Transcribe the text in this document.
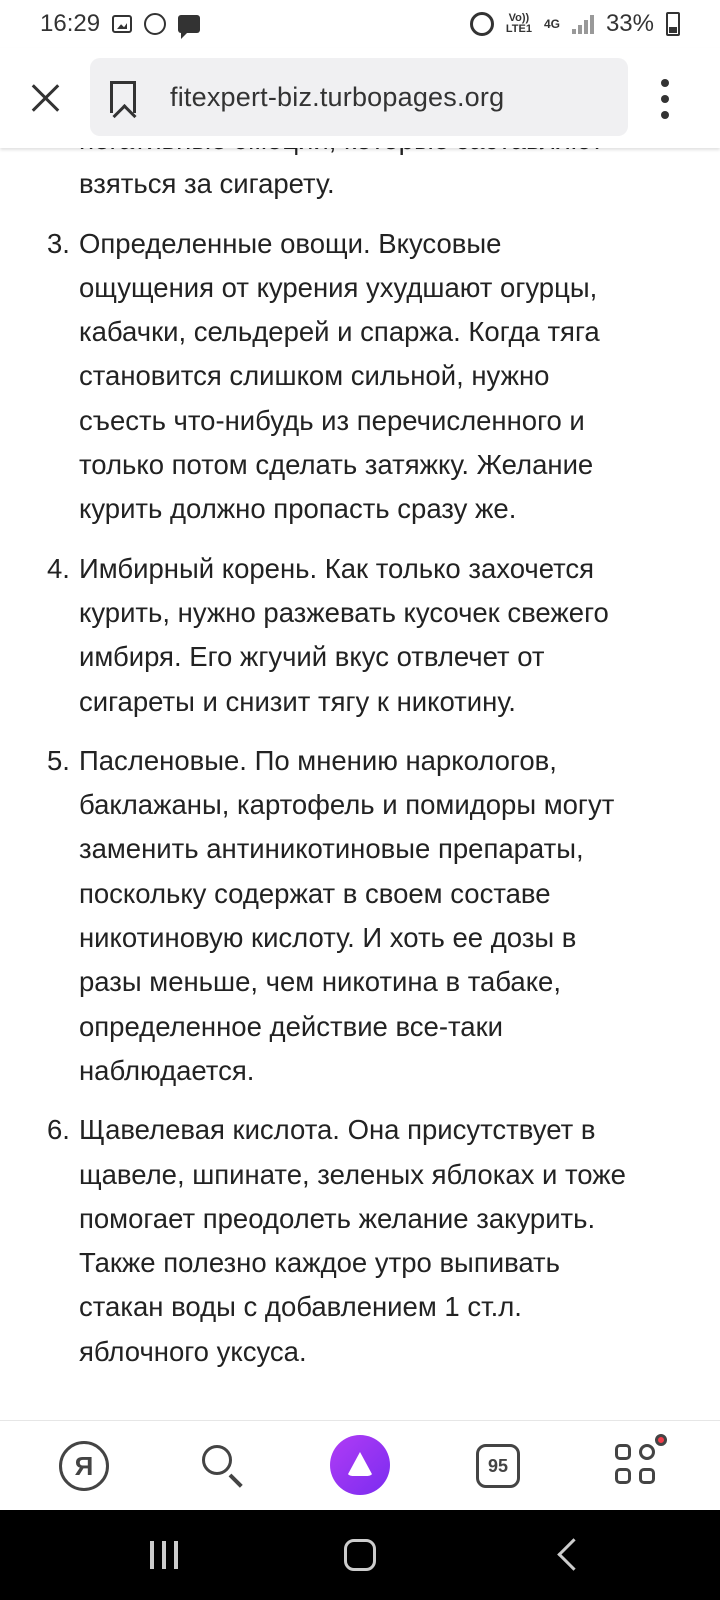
16:29	Vo))
LTE1 4G 33%
fitexpert-biz.turbopages.org

взяться за сигарету.

3. Определенные овощи. Вкусовые

ощущения от курения ухудшают огурцы,

кабачки, сельдерей и спаржа. Когда тяга

становится слишком сильной, нужно

съесть что-нибудь из перечисленного и

только потом сделать затяжку. Желание

курить должно пропасть сразу же.

4. Имбирный корень. Как только захочется

курить, нужно разжевать кусочек свежего

имбиря. Его жгучий вкус отвлечет от

сигареты и снизит тягу к никотину.

5. Пасленовые. По мнению наркологов,

баклажаны, картофель и помидоры могут

заменить антиникотиновые препараты,

поскольку содержат в своем составе

никотиновую кислоту. И хоть ее дозы в

разы меньше, чем никотина в табаке,

определенное действие все-таки

наблюдается.

6. Щавелевая кислота. Она присутствует в

щавеле, шпинате, зеленых яблоках и тоже

помогает преодолеть желание закурить.

Также полезно каждое утро выпивать

стакан воды с добавлением 1 ст.л.

яблочного уксуса.

Я	95
